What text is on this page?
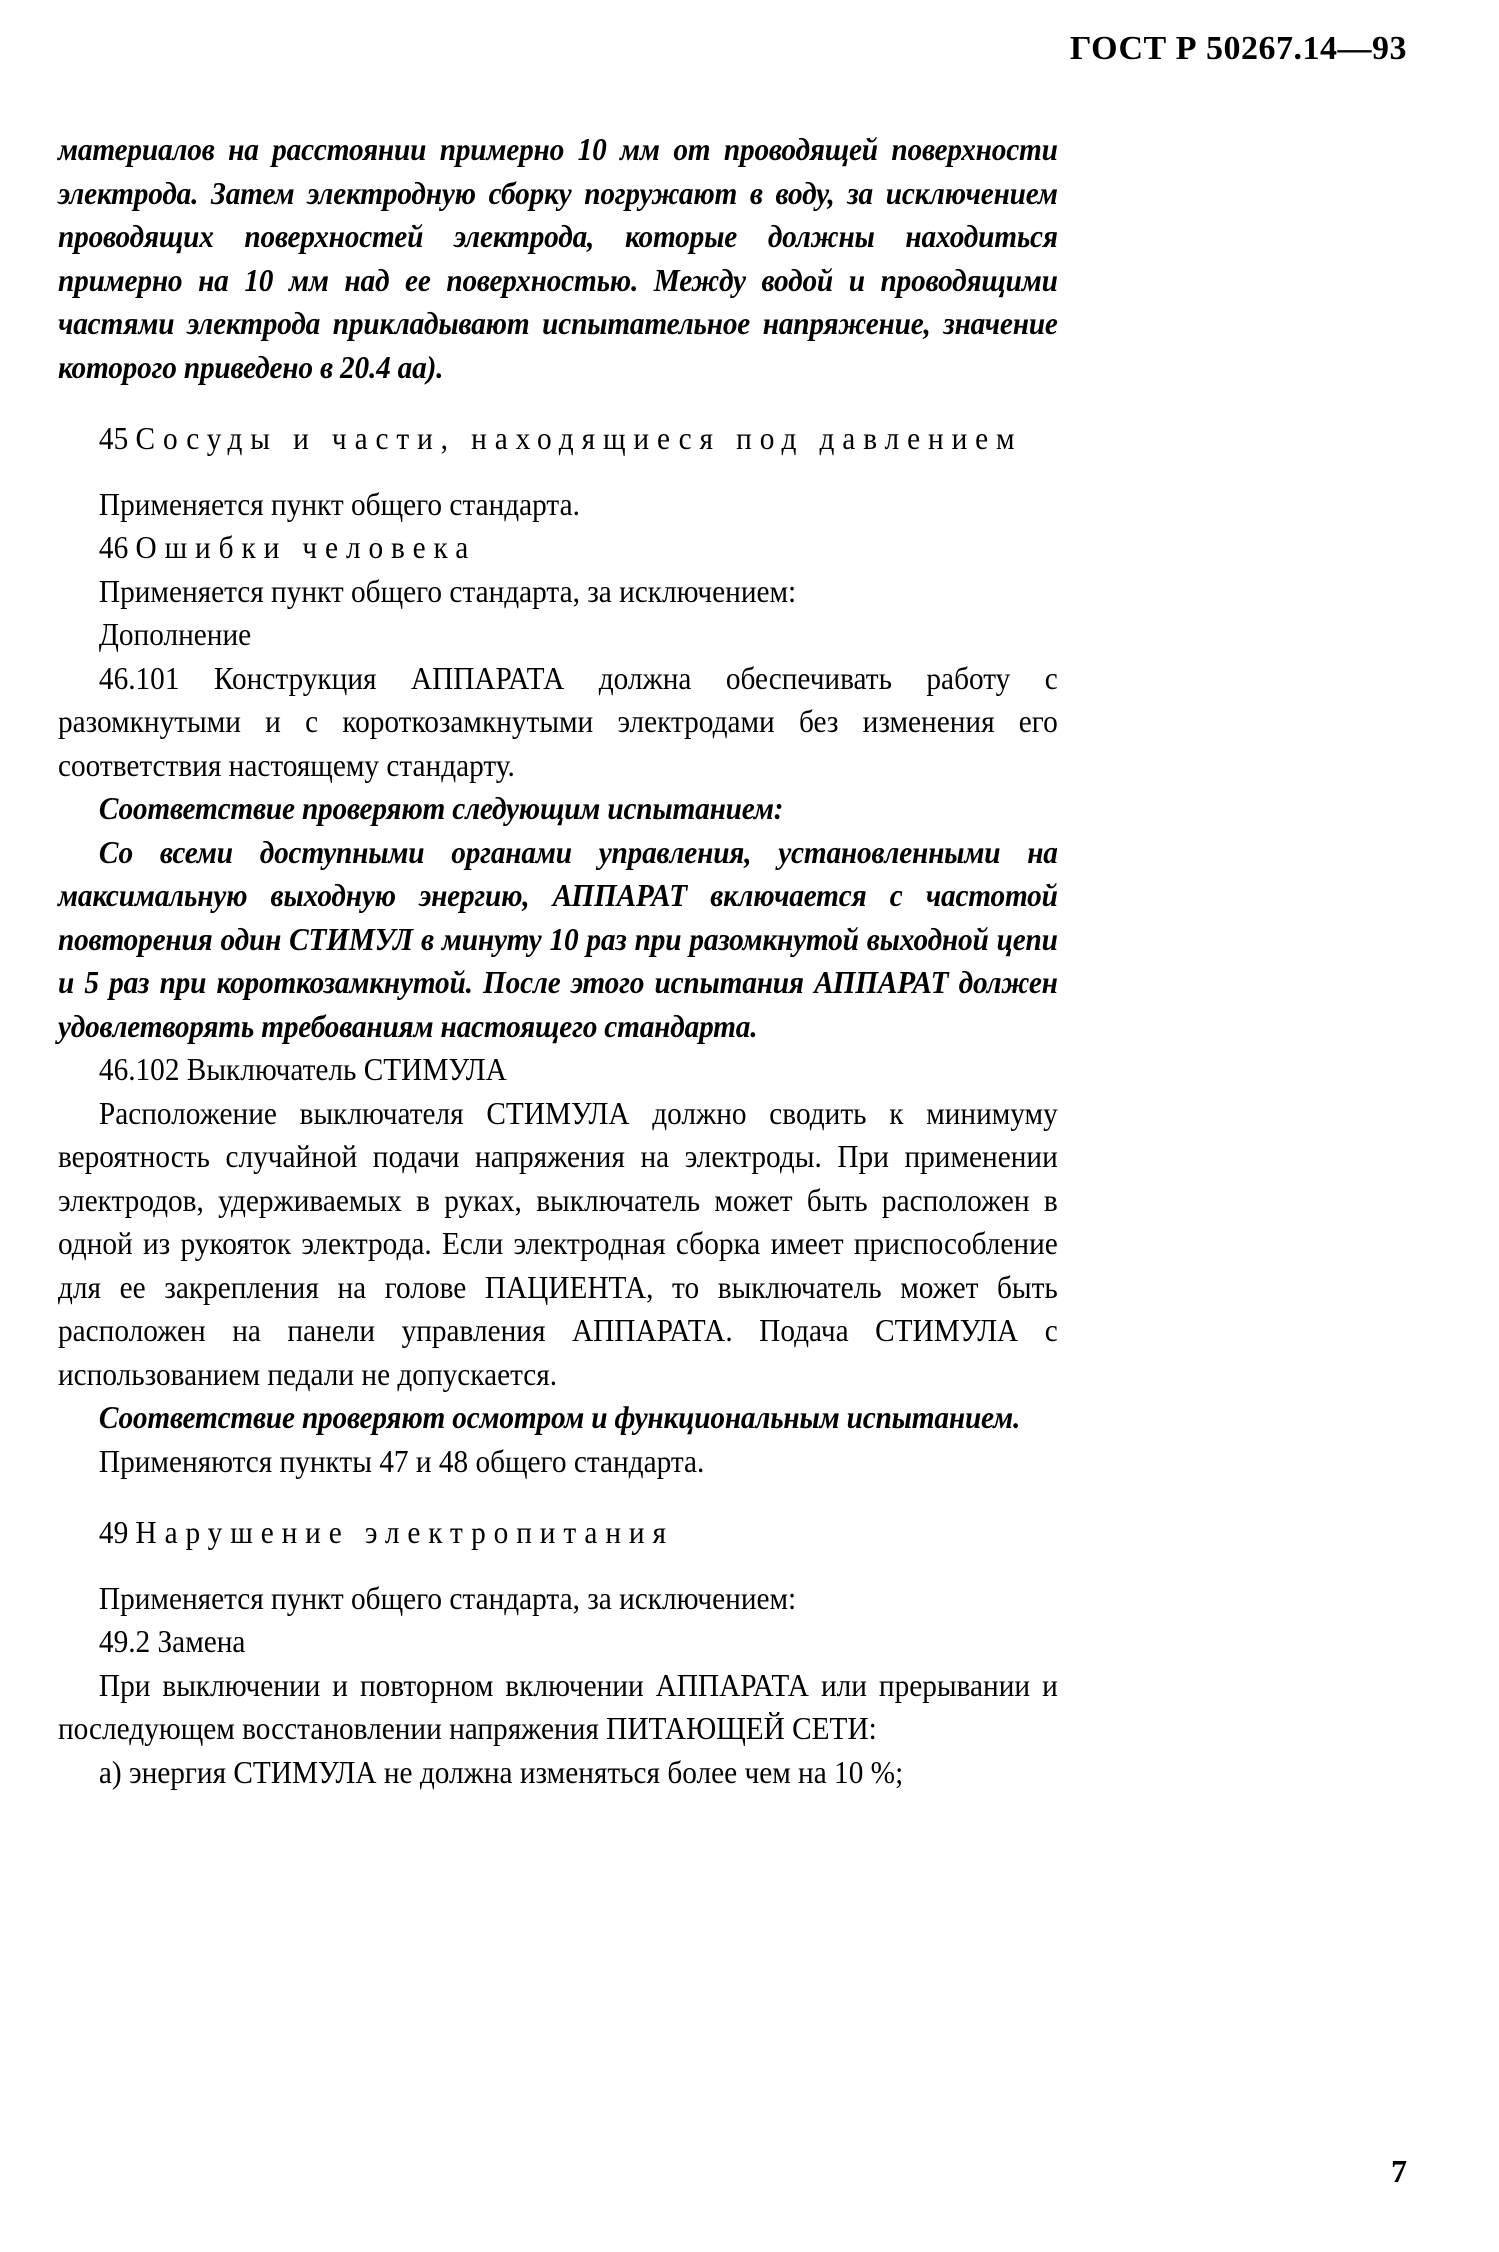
ГОСТ Р 50267.14—93

материалов на расстоянии примерно 10 мм от проводящей поверхности электрода. Затем электродную сборку погружают в воду, за исключением проводящих поверхностей электрода, которые должны находиться примерно на 10 мм над ее поверхностью. Между водой и проводящими частями электрода прикладывают испытательное напряжение, значение которого приведено в 20.4 aa).

45 Сосуды и части, находящиеся под давлением

Применяется пункт общего стандарта.

46 Ошибки человека

Применяется пункт общего стандарта, за исключением:

Дополнение

46.101 Конструкция АППАРАТА должна обеспечивать работу с разомкнутыми и с короткозамкнутыми электродами без изменения его соответствия настоящему стандарту.

Соответствие проверяют следующим испытанием:

Со всеми доступными органами управления, установленными на максимальную выходную энергию, АППАРАТ включается с частотой повторения один СТИМУЛ в минуту 10 раз при разомкнутой выходной цепи и 5 раз при короткозамкнутой. После этого испытания АППАРАТ должен удовлетворять требованиям настоящего стандарта.

46.102 Выключатель СТИМУЛА

Расположение выключателя СТИМУЛА должно сводить к минимуму вероятность случайной подачи напряжения на электроды. При применении электродов, удерживаемых в руках, выключатель может быть расположен в одной из рукояток электрода. Если электродная сборка имеет приспособление для ее закрепления на голове ПАЦИЕНТА, то выключатель может быть расположен на панели управления АППАРАТА. Подача СТИМУЛА с использованием педали не допускается.

Соответствие проверяют осмотром и функциональным испытанием.

Применяются пункты 47 и 48 общего стандарта.

49 Нарушение электропитания

Применяется пункт общего стандарта, за исключением:

49.2 Замена

При выключении и повторном включении АППАРАТА или прерывании и последующем восстановлении напряжения ПИТАЮЩЕЙ СЕТИ:

а) энергия СТИМУЛА не должна изменяться более чем на 10 %;

7
